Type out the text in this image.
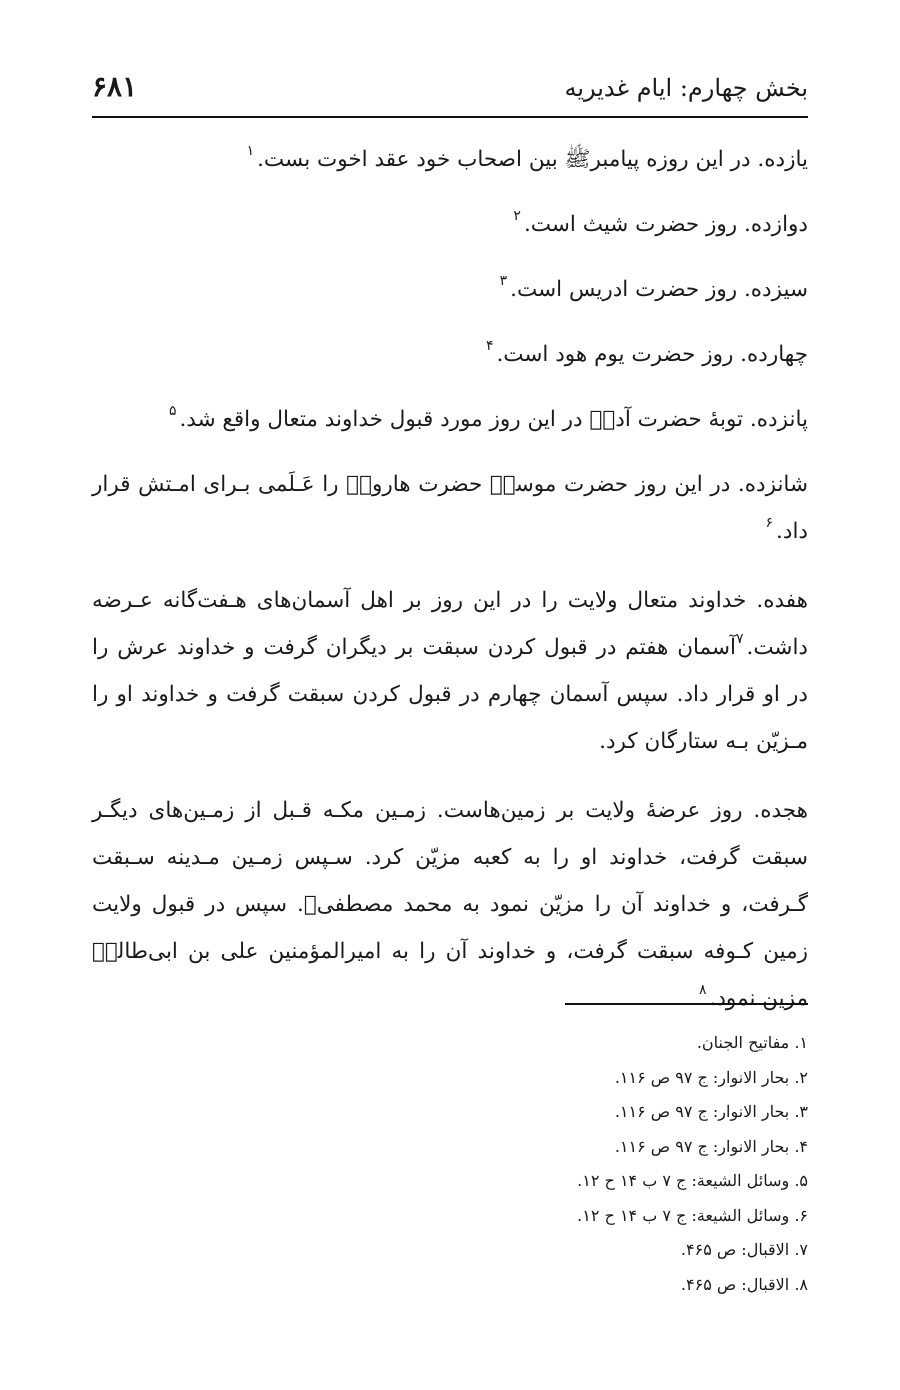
بخش چهارم: ایام غدیریه
۶۸۱

یازده. در این روزه پیامبرﷺ بین اصحاب خود عقد اخوت بست.$^۱$

دوازده. روز حضرت شیث است.$^۲$

سیزده. روز حضرت ادریس است.$^۳$

چهارده. روز حضرت یوم هود است.$^۴$

پانزده. توبۀ حضرت آدمؘ در این روز مورد قبول خداوند متعال واقع شد.$^۵$

شانزده. در این روز حضرت موسیؘ حضرت هارونؘ را عَـلَمی بـرای امـتش قرار داد.$^۶$

هفده. خداوند متعال ولایت را در این روز بر اهل آسمان‌های هـفت‌گانه عـرضه داشت.$^۷$آسمان هفتم در قبول کردن سبقت بر دیگران گرفت و خداوند عرش را در او قرار داد. سپس آسمان چهارم در قبول کردن سبقت گرفت و خداوند او را مـزیّن بـه ستارگان کرد.

هجده. روز عرضۀ ولایت بر زمین‌هاست. زمـین مکـه قـبل از زمـین‌های دیگـر سبقت گرفت، خداوند او را به کعبه مزیّن کرد. سـپس زمـین مـدینه سـبقت گـرفت، و خداوند آن را مزیّن نمود به محمد مصطفیﷺ. سپس در قبول ولایت زمین کـوفه سبقت گرفت، و خداوند آن را به امیرالمؤمنین علی بن ابی‌طالبؘ مزین نمود.$^۸$

۱. مفاتیح الجنان.
۲. بحار الانوار: ج ۹۷ ص ۱۱۶.
۳. بحار الانوار: ج ۹۷ ص ۱۱۶.
۴. بحار الانوار: ج ۹۷ ص ۱۱۶.
۵. وسائل الشیعة: ج ۷ ب ۱۴ ح ۱۲.
۶. وسائل الشیعة: ج ۷ ب ۱۴ ح ۱۲.
۷. الاقبال: ص ۴۶۵.
۸. الاقبال: ص ۴۶۵.
